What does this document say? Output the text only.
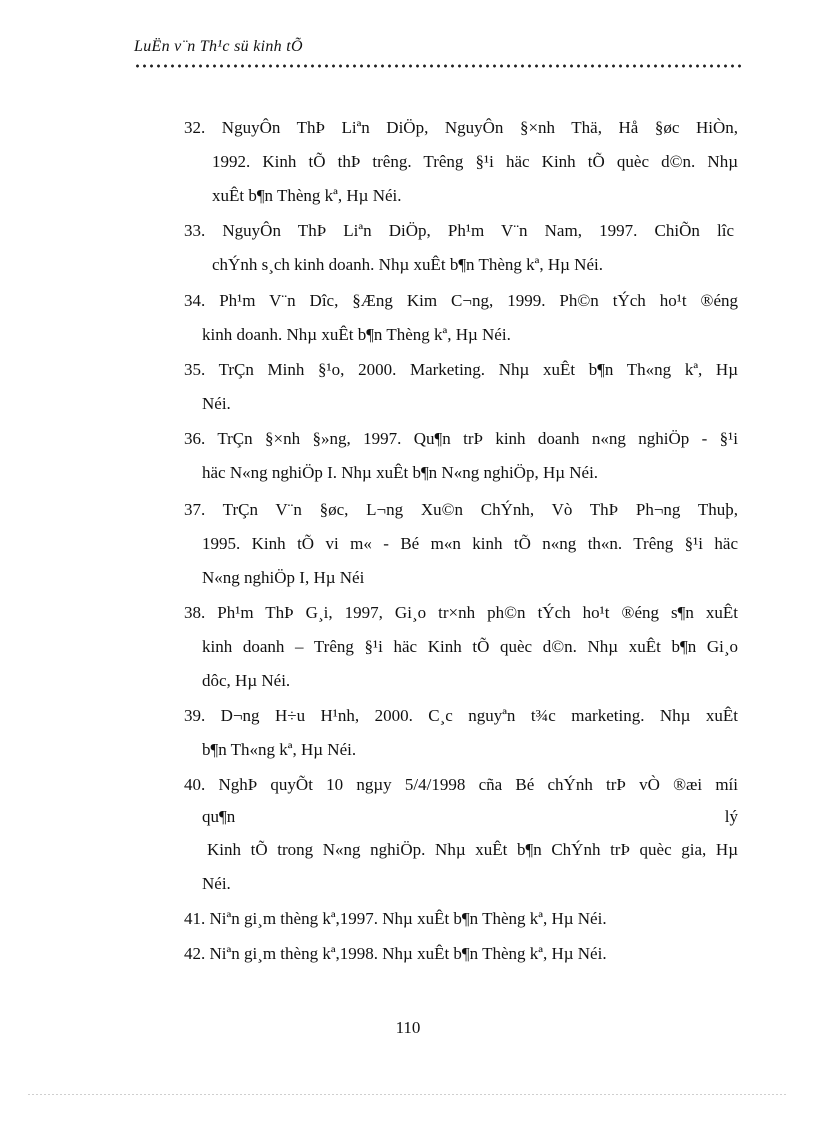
LuËn v¨n Th¹c sü kinh tÕ
32. NguyÔn ThÞ Liªn DiÖp, NguyÔn §×nh Thä, Hå §øc HiÒn,
1992. Kinh tÕ thÞ trêng. Trêng §¹i häc Kinh tÕ quèc d©n. Nhµ
xuÊt b¶n Thèng kª, Hµ Néi.
33. NguyÔn ThÞ Liªn DiÖp, Ph¹m V¨n Nam, 1997. ChiÕn lîc
chÝnh s¸ch kinh doanh. Nhµ xuÊt b¶n Thèng kª, Hµ Néi.
34. Ph¹m V¨n Dîc, §Æng Kim C¬ng, 1999. Ph©n tÝch ho¹t ®éng
kinh doanh. Nhµ xuÊt b¶n Thèng kª, Hµ Néi.
35. TrÇn Minh §¹o, 2000. Marketing. Nhµ xuÊt b¶n Th«ng kª, Hµ
Néi.
36. TrÇn §×nh §»ng, 1997. Qu¶n trÞ kinh doanh n«ng nghiÖp - §¹i
häc N«ng nghiÖp I. Nhµ xuÊt b¶n N«ng nghiÖp, Hµ Néi.
37. TrÇn V¨n §øc, L¬ng Xu©n ChÝnh, Vò ThÞ Ph¬ng Thuþ,
1995. Kinh tÕ vi m« - Bé m«n kinh tÕ n«ng th«n. Trêng §¹i häc
N«ng nghiÖp I, Hµ Néi
38. Ph¹m ThÞ G¸i, 1997, Gi¸o tr×nh ph©n tÝch ho¹t ®éng s¶n xuÊt
kinh doanh – Trêng §¹i häc Kinh tÕ quèc d©n. Nhµ xuÊt b¶n Gi¸o
dôc, Hµ Néi.
39. D¬ng H÷u H¹nh, 2000. C¸c nguyªn t¾c marketing. Nhµ xuÊt
b¶n Th«ng kª, Hµ Néi.
40. NghÞ quyÕt 10 ngµy 5/4/1998 cña Bé chÝnh trÞ vÒ ®æi míi
qu¶n lý
Kinh tÕ trong N«ng nghiÖp. Nhµ xuÊt b¶n ChÝnh trÞ quèc gia, Hµ
Néi.
41. Niªn gi¸m thèng kª,1997. Nhµ xuÊt b¶n Thèng kª, Hµ Néi.
42. Niªn gi¸m thèng kª,1998. Nhµ xuÊt b¶n Thèng kª, Hµ Néi.
110
